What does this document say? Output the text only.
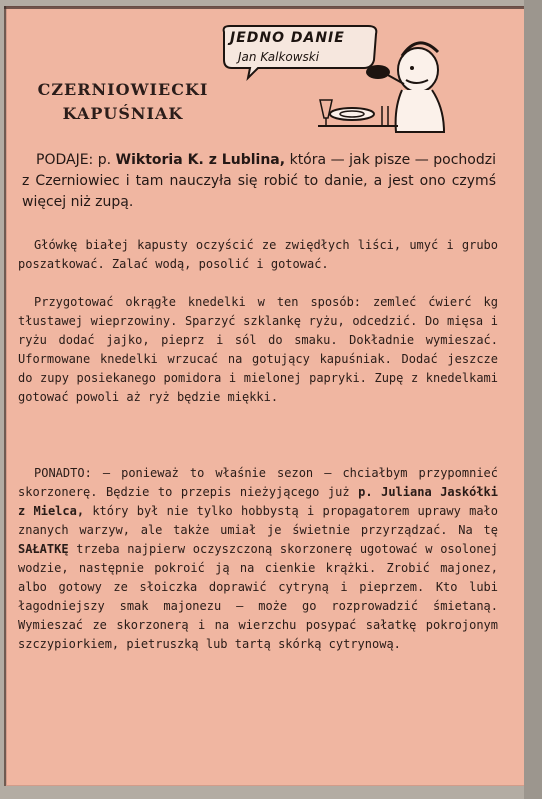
CZERNIOWIECKI
KAPUŚNIAK
JEDNO DANIE
Jan Kalkowski
PODAJE: p. Wiktoria K. z Lublina, która — jak pisze — pochodzi z Czerniowiec i tam nauczyła się robić to danie, a jest ono czymś więcej niż zupą.

Główkę białej kapusty oczyścić ze zwiędłych liści, umyć i grubo poszatkować. Zalać wodą, posolić i gotować.

Przygotować okrągłe knedelki w ten sposób: zemleć ćwierć kg tłustawej wieprzowiny. Sparzyć szklankę ryżu, odcedzić. Do mięsa i ryżu dodać jajko, pieprz i sól do smaku. Dokładnie wymieszać. Uformowane knedelki wrzucać na gotujący kapuśniak. Dodać jeszcze do zupy posiekanego pomidora i mielonej papryki. Zupę z knedelkami gotować powoli aż ryż będzie miękki.

PONADTO: — ponieważ to właśnie sezon — chciałbym przypomnieć skorzonerę. Będzie to przepis nieżyjącego już p. Juliana Jaskółki z Mielca, który był nie tylko hobbystą i propagatorem uprawy mało znanych warzyw, ale także umiał je świetnie przyrządzać. Na tę SAŁATKĘ trzeba najpierw oczyszczoną skorzonerę ugotować w osolonej wodzie, następnie pokroić ją na cienkie krążki. Zrobić majonez, albo gotowy ze słoiczka doprawić cytryną i pieprzem. Kto lubi łagodniejszy smak majonezu — może go rozprowadzić śmietaną. Wymieszać ze skorzonerą i na wierzchu posypać sałatkę pokrojonym szczypiorkiem, pietruszką lub tartą skórką cytrynową.
